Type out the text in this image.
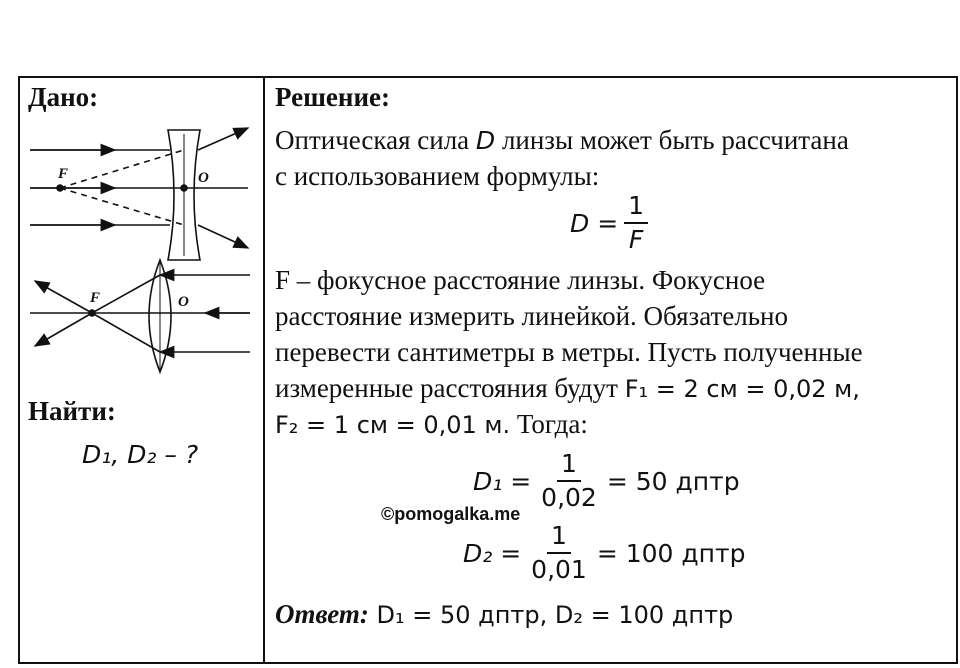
Дано:
F	O
F	O
Найти:
D₁, D₂ – ?
Решение:
Оптическая сила D линзы может быть рассчитана
с использованием формулы:
$D = \frac{1}{F}$
F – фокусное расстояние линзы. Фокусное
расстояние измерить линейкой. Обязательно
перевести сантиметры в метры. Пусть полученные
измеренные расстояния будут F₁ = 2 см = 0,02 м,
F₂ = 1 см = 0,01 м. Тогда:
$D_1 = \frac{1}{0,02} = 50$ дптр
$D_2 = \frac{1}{0,01} = 100$ дптр
Ответ: D₁ = 50 дптр, D₂ = 100 дптр
©pomogalka.me
